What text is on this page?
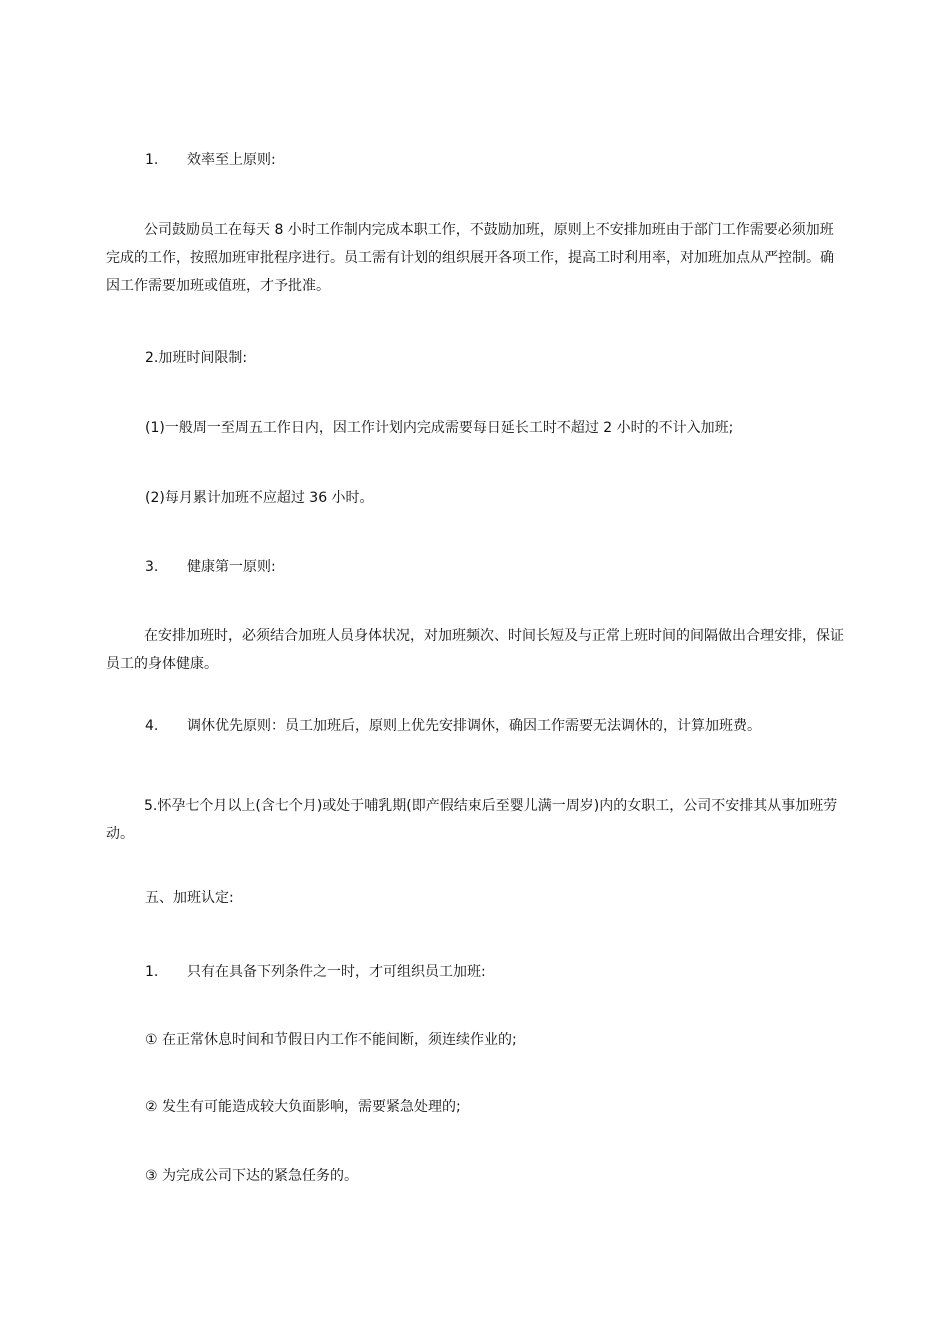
1. 效率至上原则:
公司鼓励员工在每天 8 小时工作制内完成本职工作，不鼓励加班，原则上不安排加班由于部门工作需要必须加班完成的工作，按照加班审批程序进行。员工需有计划的组织展开各项工作，提高工时利用率，对加班加点从严控制。确因工作需要加班或值班，才予批准。
2.加班时间限制:
(1)一般周一至周五工作日内，因工作计划内完成需要每日延长工时不超过 2 小时的不计入加班;
(2)每月累计加班不应超过 36 小时。
3. 健康第一原则:
在安排加班时，必须结合加班人员身体状况，对加班频次、时间长短及与正常上班时间的间隔做出合理安排，保证员工的身体健康。
4. 调休优先原则：员工加班后，原则上优先安排调休，确因工作需要无法调休的，计算加班费。
5.怀孕七个月以上(含七个月)或处于哺乳期(即产假结束后至婴儿满一周岁)内的女职工，公司不安排其从事加班劳动。
五、加班认定:
1. 只有在具备下列条件之一时，才可组织员工加班:
① 在正常休息时间和节假日内工作不能间断，须连续作业的;
② 发生有可能造成较大负面影响，需要紧急处理的;
③ 为完成公司下达的紧急任务的。
